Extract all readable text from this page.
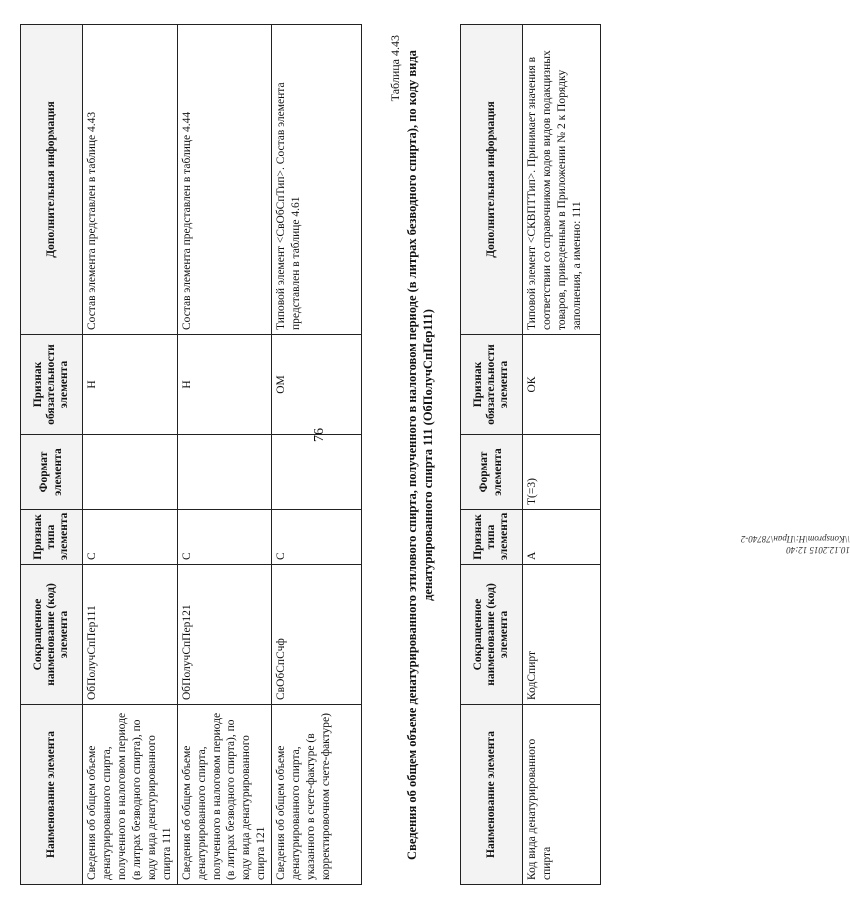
76
Наименование элемента	Сокращенное наименование (код) элемента	Признак типа элемента	Формат элемента	Признак обязательности элемента	Дополнительная информация
Сведения об общем объеме денатурированного спирта, полученного в налоговом периоде (в литрах безводного спирта), по коду вида денатурированного спирта 111	ОбПолучСпПер111	С		Н	Состав элемента представлен в таблице 4.43
Сведения об общем объеме денатурированного спирта, полученного в налоговом периоде (в литрах безводного спирта), по коду вида денатурированного спирта 121	ОбПолучСпПер121	С		Н	Состав элемента представлен в таблице 4.44
Сведения об общем объеме денатурированного спирта, указанного в счете-фактуре (в корректировочном счете-фактуре)	СвОбСпСчф	С		ОМ	Типовой элемент <СвОбСпТип>. Состав элемента представлен в таблице 4.61
Таблица 4.43 Сведения об общем объеме денатурированного этилового спирта, полученного в налоговом периоде (в литрах безводного спирта), по коду вида денатурированного спирта 111 (ОбПолучСпПер111)
Наименование элемента	Сокращенное наименование (код) элемента	Признак типа элемента	Формат элемента	Признак обязательности элемента	Дополнительная информация
Код вида денатурированного спирта	КодСпирт	А	T(=3)	ОК	Типовой элемент <СКВПТТип>. Принимает значения в соответствии со справочником кодов видов подакцизных товаров, приведенным в Приложении № 2 к Порядку заполнения, а именно: 111
10.12.2015 12:40
\\Konsprom\Н:\Пран\78740-2
